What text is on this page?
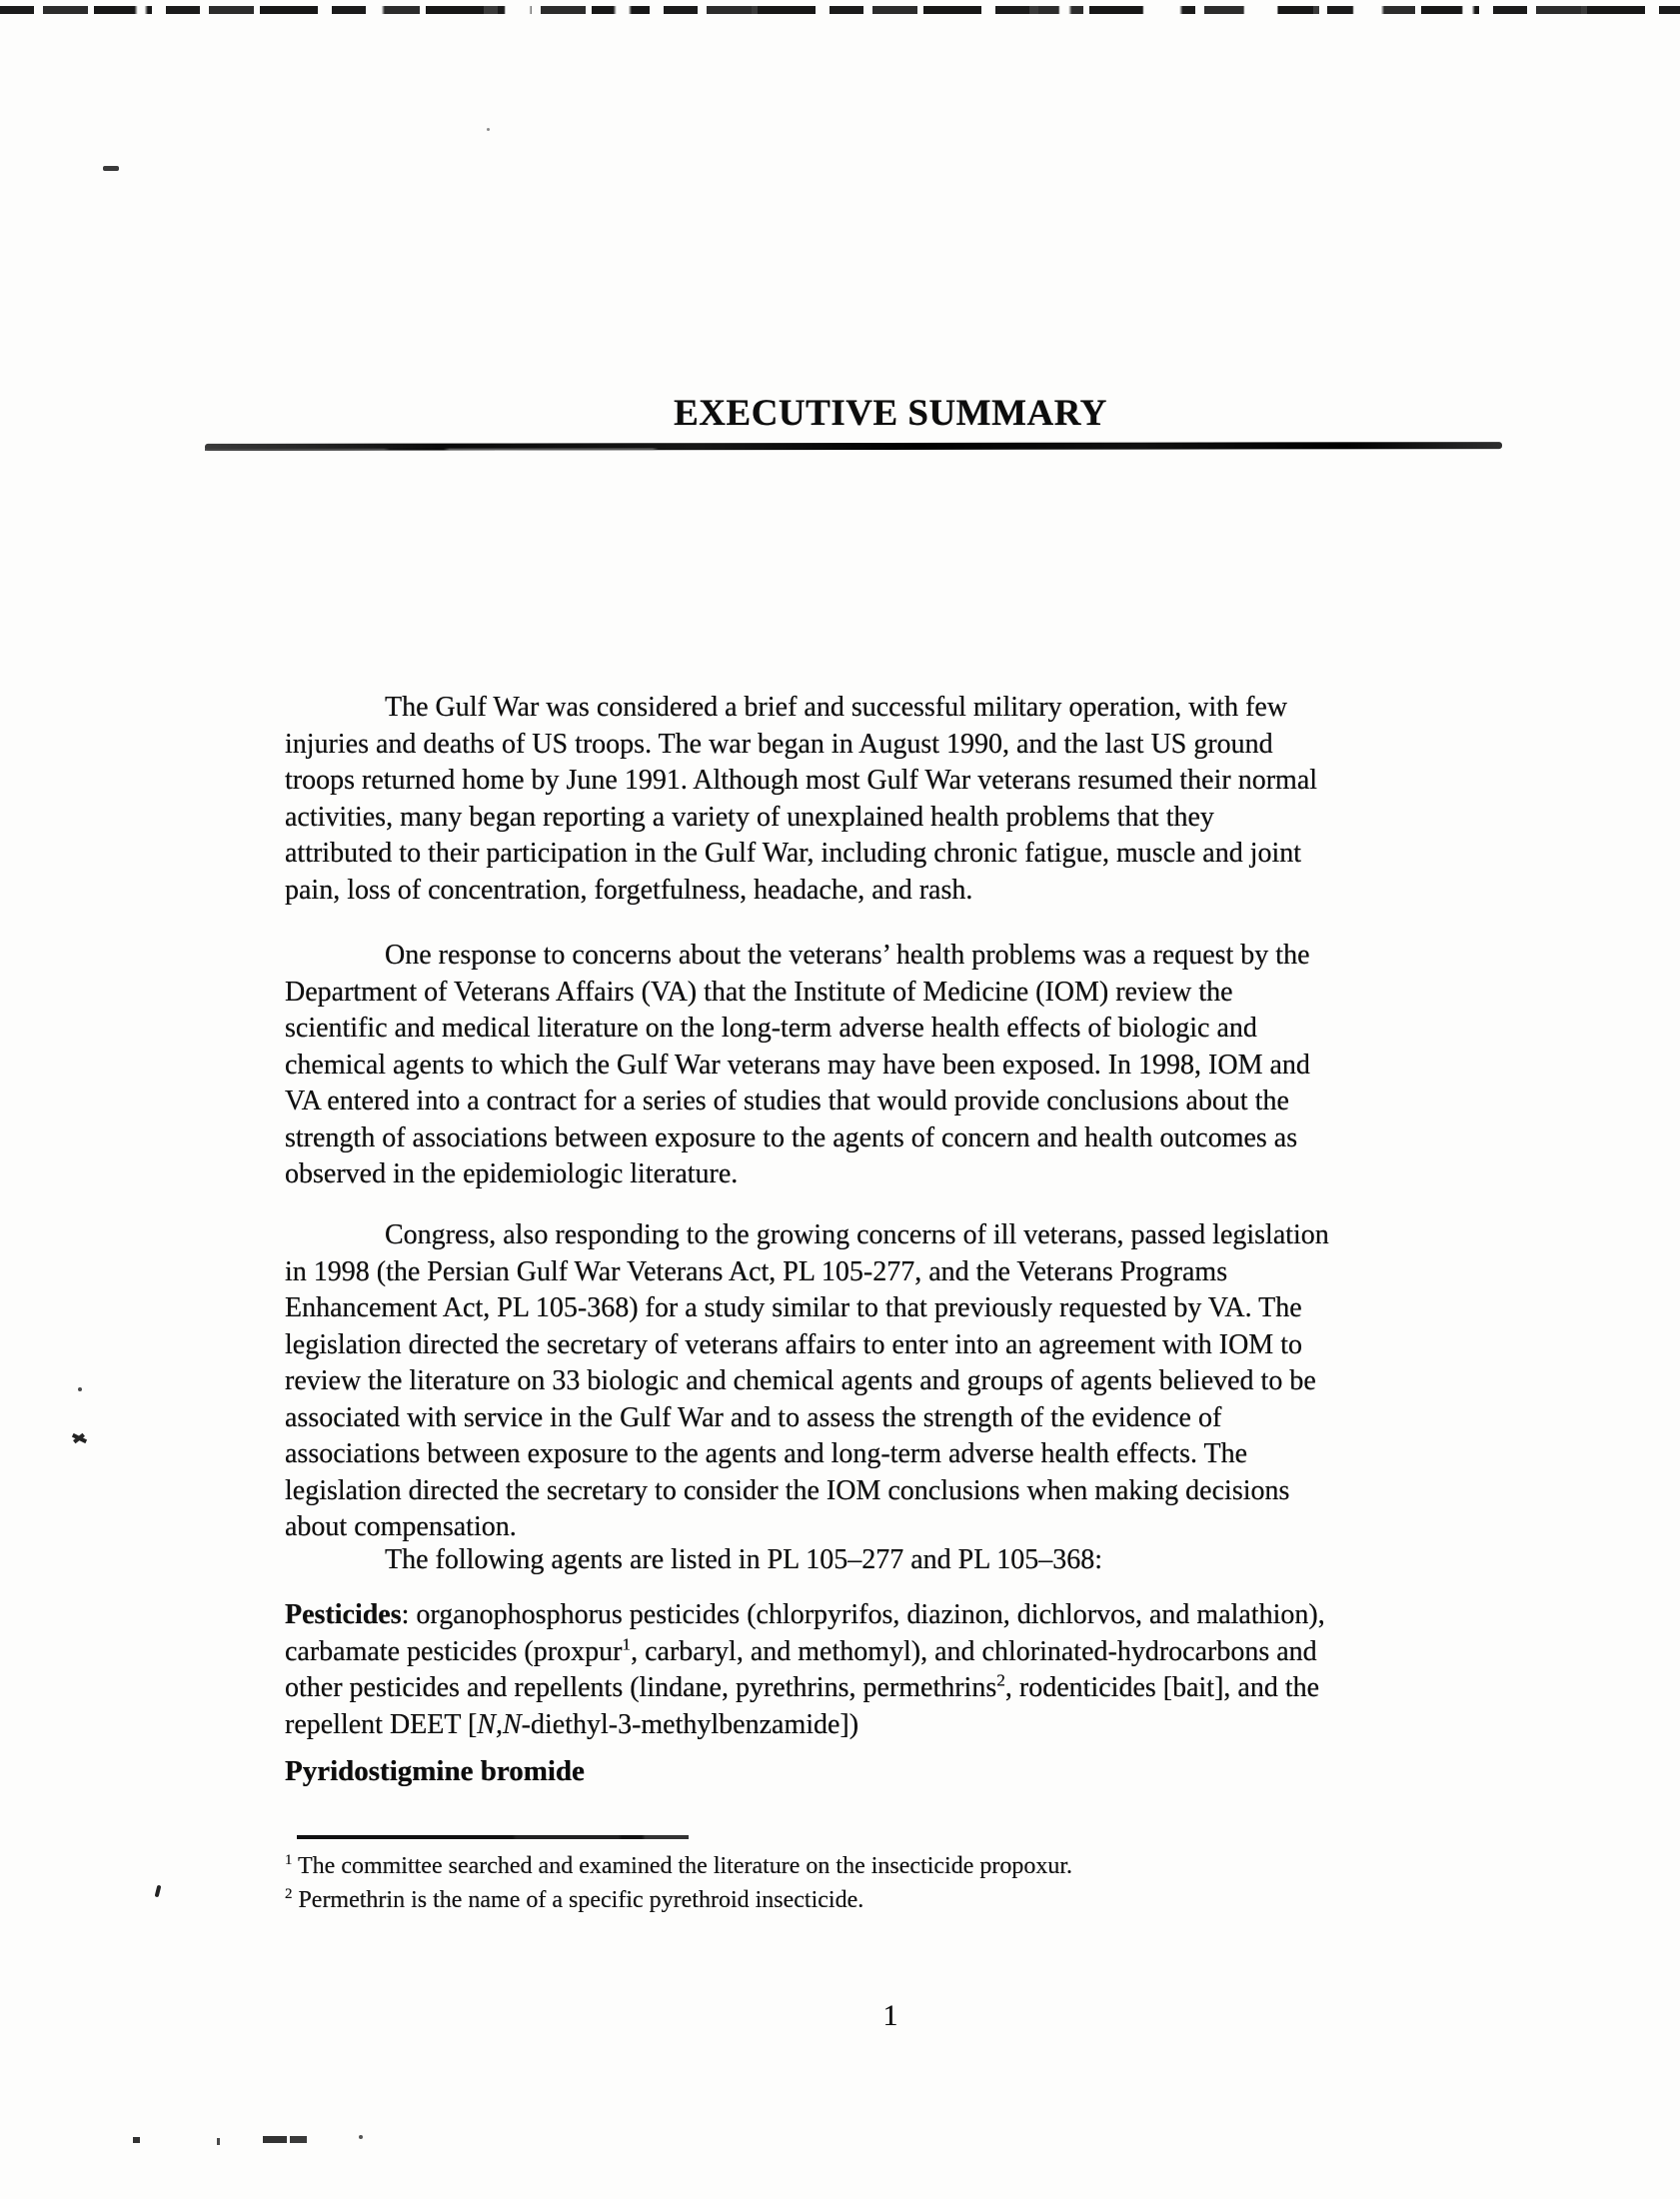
EXECUTIVE SUMMARY
The Gulf War was considered a brief and successful military operation, with few
injuries and deaths of US troops. The war began in August 1990, and the last US ground
troops returned home by June 1991. Although most Gulf War veterans resumed their normal
activities, many began reporting a variety of unexplained health problems that they
attributed to their participation in the Gulf War, including chronic fatigue, muscle and joint
pain, loss of concentration, forgetfulness, headache, and rash.
One response to concerns about the veterans’ health problems was a request by the
Department of Veterans Affairs (VA) that the Institute of Medicine (IOM) review the
scientific and medical literature on the long-term adverse health effects of biologic and
chemical agents to which the Gulf War veterans may have been exposed. In 1998, IOM and
VA entered into a contract for a series of studies that would provide conclusions about the
strength of associations between exposure to the agents of concern and health outcomes as
observed in the epidemiologic literature.
Congress, also responding to the growing concerns of ill veterans, passed legislation
in 1998 (the Persian Gulf War Veterans Act, PL 105-277, and the Veterans Programs
Enhancement Act, PL 105-368) for a study similar to that previously requested by VA. The
legislation directed the secretary of veterans affairs to enter into an agreement with IOM to
review the literature on 33 biologic and chemical agents and groups of agents believed to be
associated with service in the Gulf War and to assess the strength of the evidence of
associations between exposure to the agents and long-term adverse health effects. The
legislation directed the secretary to consider the IOM conclusions when making decisions
about compensation.
The following agents are listed in PL 105–277 and PL 105–368:
Pesticides: organophosphorus pesticides (chlorpyrifos, diazinon, dichlorvos, and malathion),
carbamate pesticides (proxpur$^1$, carbaryl, and methomyl), and chlorinated-hydrocarbons and
other pesticides and repellents (lindane, pyrethrins, permethrins$^2$, rodenticides [bait], and the
repellent DEET [N,N-diethyl-3-methylbenzamide])
Pyridostigmine bromide
$^1$ The committee searched and examined the literature on the insecticide propoxur.
$^2$ Permethrin is the name of a specific pyrethroid insecticide.
1
